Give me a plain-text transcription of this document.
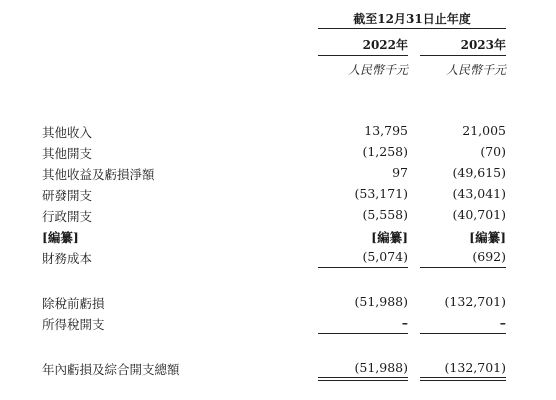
截至12月31日止年度
2022年	2023年
人民幣千元	人民幣千元
其他收入	13,795	21,005
其他開支	(1,258)	(70)
其他收益及虧損淨額	97	(49,615)
研發開支	(53,171)	(43,041)
行政開支	(5,558)	(40,701)
[編纂]	[編纂]	[編纂]
財務成本	(5,074)	(692)
除稅前虧損	(51,988)	(132,701)
所得稅開支	–	–
年內虧損及綜合開支總額	(51,988)	(132,701)
